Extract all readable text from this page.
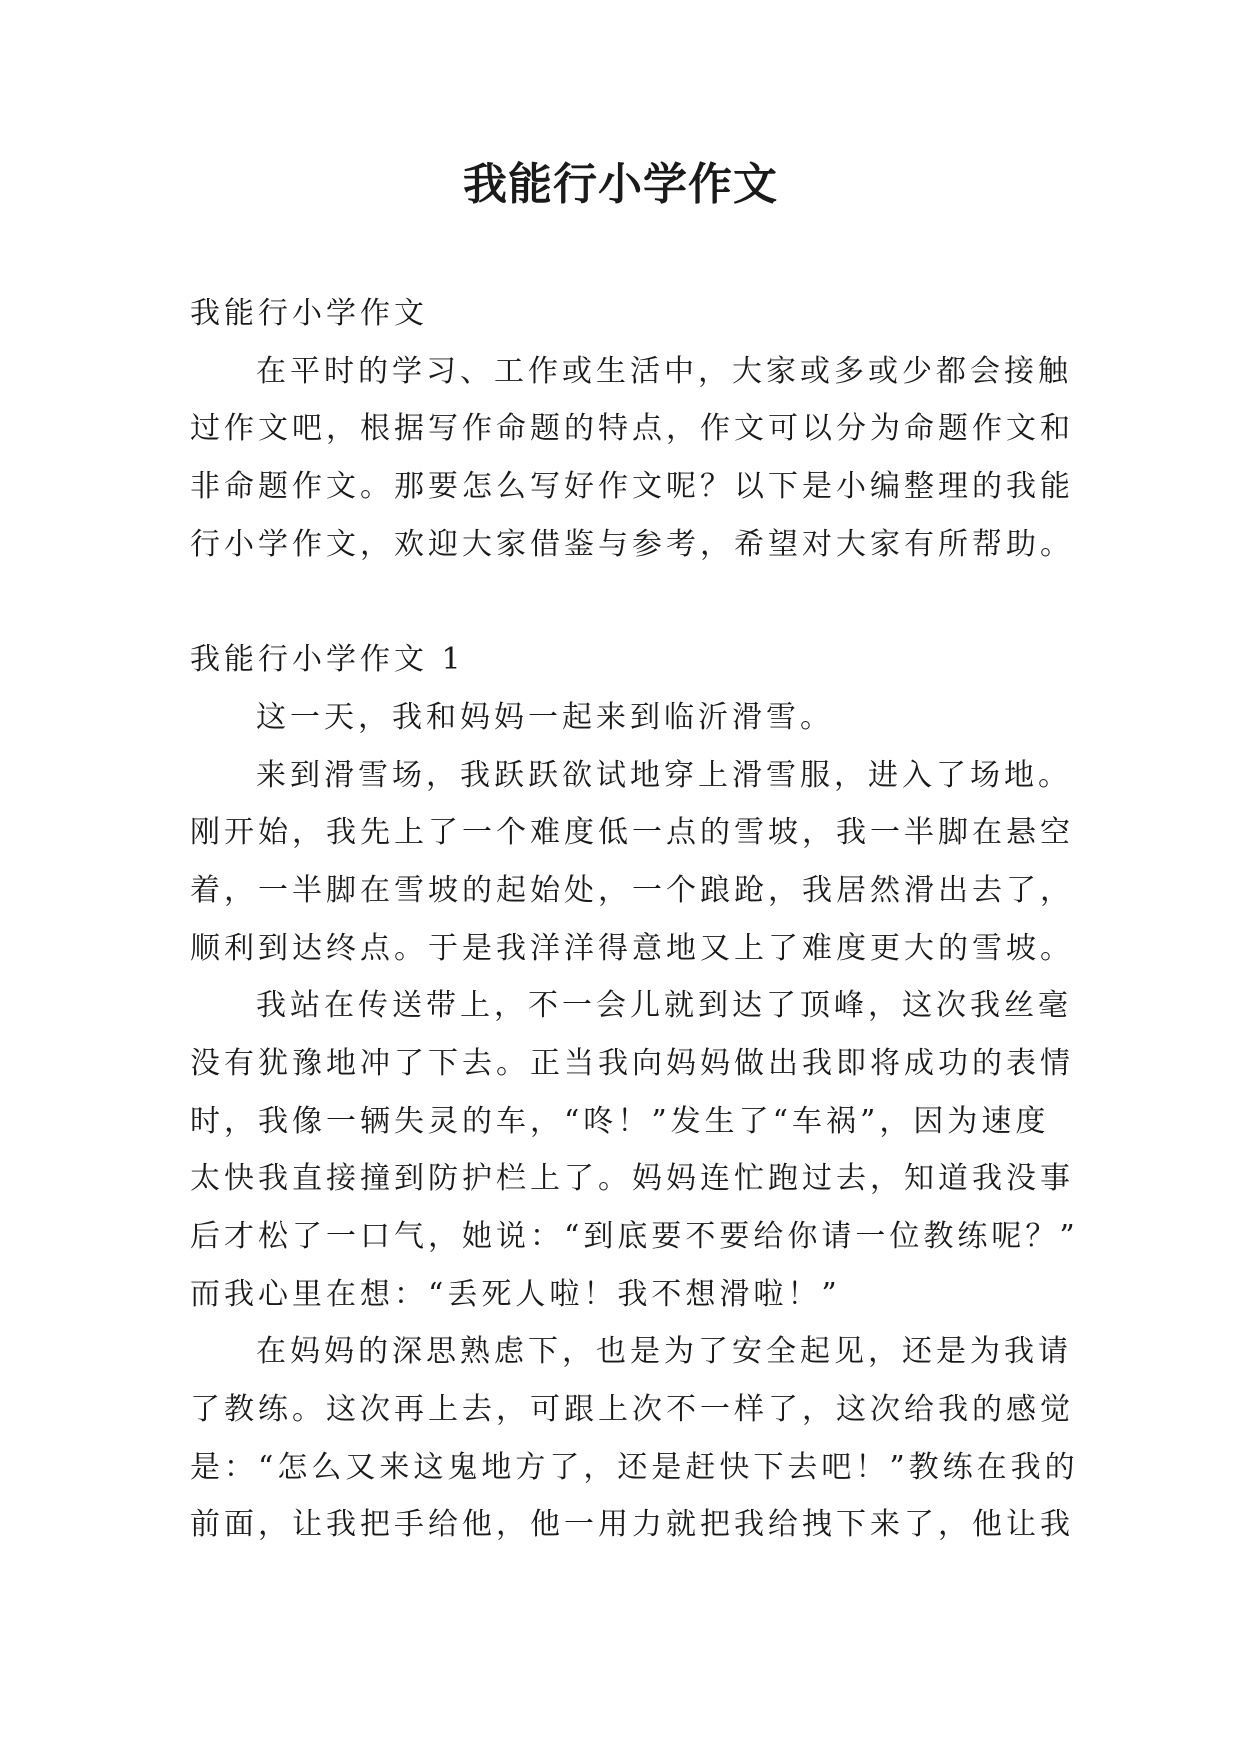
我能行小学作文
我能行小学作文
在平时的学习、工作或生活中，大家或多或少都会接触
过作文吧，根据写作命题的特点，作文可以分为命题作文和
非命题作文。那要怎么写好作文呢？以下是小编整理的我能
行小学作文，欢迎大家借鉴与参考，希望对大家有所帮助。
我能行小学作文 1
这一天，我和妈妈一起来到临沂滑雪。
来到滑雪场，我跃跃欲试地穿上滑雪服，进入了场地。
刚开始，我先上了一个难度低一点的雪坡，我一半脚在悬空
着，一半脚在雪坡的起始处，一个踉跄，我居然滑出去了，
顺利到达终点。于是我洋洋得意地又上了难度更大的雪坡。
我站在传送带上，不一会儿就到达了顶峰，这次我丝毫
没有犹豫地冲了下去。正当我向妈妈做出我即将成功的表情
时，我像一辆失灵的车，“咚！”发生了“车祸”，因为速度
太快我直接撞到防护栏上了。妈妈连忙跑过去，知道我没事
后才松了一口气，她说：“到底要不要给你请一位教练呢？”
而我心里在想：“丢死人啦！我不想滑啦！”
在妈妈的深思熟虑下，也是为了安全起见，还是为我请
了教练。这次再上去，可跟上次不一样了，这次给我的感觉
是：“怎么又来这鬼地方了，还是赶快下去吧！”教练在我的
前面，让我把手给他，他一用力就把我给拽下来了，他让我
